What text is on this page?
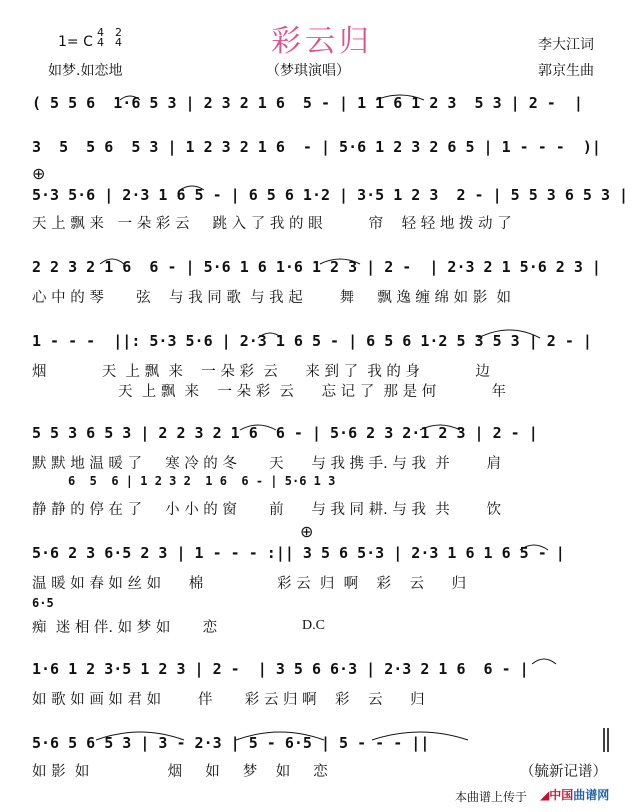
彩云归
1= C
4
4
2
4
如梦.如恋地	（梦琪演唱）
李大江词
郭京生曲
( 5 5 6  1·6 5 3 | 2 3 2 1 6  5 - | 1 1 6 1 2 3  5 3 | 2 -  |
3  5  5 6  5 3 | 1 2 3 2 1 6  - | 5·6 1 2 3 2 6 5 | 1 - - -  )|
⊕
5·3 5·6 | 2·3 1 6 5 - | 6 5 6 1·2 | 3·5 1 2 3  2 - | 5 5 3 6 5 3 |
天 上 飘 来   一 朵 彩 云     跳 入 了 我 的 眼          帘    轻 轻 地 拨 动 了
2 2 3 2 1 6  6 - | 5·6 1 6 1·6 1 2 3 | 2 -  | 2·3 2 1 5·6 2 3 |
心 中 的 琴       弦    与 我 同 歌  与 我 起        舞     飘 逸 缠 绵 如 影  如
1 - - -  ||: 5·3 5·6 | 2·3 1 6 5 - | 6 5 6 1·2 5 3 5 3 | 2 - |
烟            天  上 飘  来    一 朵 彩  云      来 到 了  我 的 身            边
天  上 飘  来    一 朵 彩  云      忘 记 了  那 是 何            年
5 5 3 6 5 3 | 2 2 3 2 1 6  6 - | 5·6 2 3 2·1 2 3 | 2 - |
默 默 地 温 暖 了     寒 冷 的 冬       天      与 我 携 手. 与 我  并        肩
6  5  6 | 1 2 3 2  1 6  6 - | 5·6 1 3
静 静 的 停 在 了     小 小 的 窗       前      与 我 同 耕. 与 我  共        饮
⊕
5·6 2 3 6·5 2 3 | 1 - - - :|| 3 5 6 5·3 | 2·3 1 6 1 6 5 - |
温 暖 如 春 如 丝 如      棉                彩 云  归  啊    彩    云      归
6·5
痴  迷 相 伴. 如 梦 如       恋	D.C
1·6 1 2 3·5 1 2 3 | 2 -  | 3 5 6 6·3 | 2·3 2 1 6  6 - |
如 歌 如 画 如 君 如        伴       彩 云 归 啊    彩    云      归
5·6 5 6 5 3 | 3 - 2·3 | 5 - 6·5 | 5 - - - ||
如 影  如                 烟     如     梦    如     恋	（毓新记谱）
本曲谱上传于 ◢中国曲谱网
